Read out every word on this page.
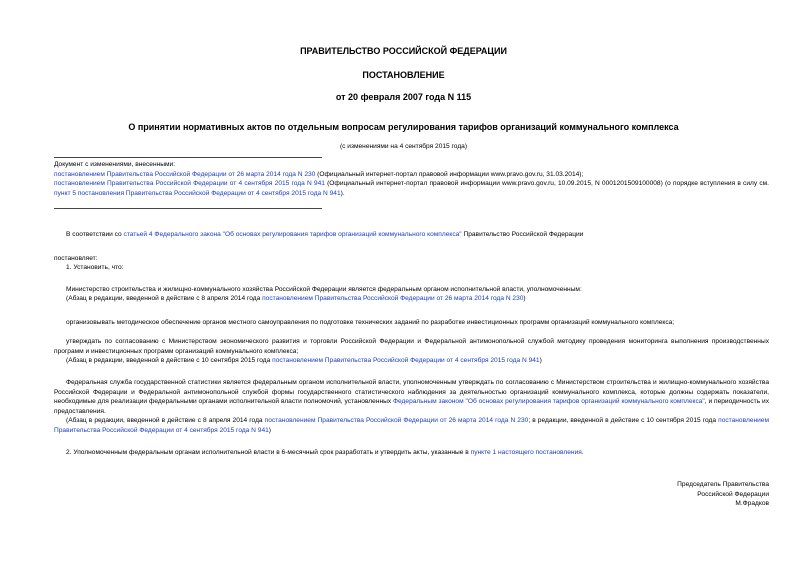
ПРАВИТЕЛЬСТВО РОССИЙСКОЙ ФЕДЕРАЦИИ
ПОСТАНОВЛЕНИЕ
от 20 февраля 2007 года N 115
О принятии нормативных актов по отдельным вопросам регулирования тарифов организаций коммунального комплекса
(с изменениями на 4 сентября 2015 года)
Документ с изменениями, внесенными:
постановлением Правительства Российской Федерации от 26 марта 2014 года N 230 (Официальный интернет-портал правовой информации www.pravo.gov.ru, 31.03.2014);
постановлением Правительства Российской Федерации от 4 сентября 2015 года N 941 (Официальный интернет-портал правовой информации www.pravo.gov.ru, 10.09.2015, N 0001201509100008) (о порядке вступления в силу см. пункт 5 постановления Правительства Российской Федерации от 4 сентября 2015 года N 941).
В соответствии со статьей 4 Федерального закона "Об основах регулирования тарифов организаций коммунального комплекса" Правительство Российской Федерации
постановляет:
1. Установить, что:
Министерство строительства и жилищно-коммунального хозяйства Российской Федерации является федеральным органом исполнительной власти, уполномоченным:
(Абзац в редакции, введенной в действие с 8 апреля 2014 года постановлением Правительства Российской Федерации от 26 марта 2014 года N 230)
организовывать методическое обеспечение органов местного самоуправления по подготовке технических заданий по разработке инвестиционных программ организаций коммунального комплекса;
утверждать по согласованию с Министерством экономического развития и торговли Российской Федерации и Федеральной антимонопольной службой методику проведения мониторинга выполнения производственных программ и инвестиционных программ организаций коммунального комплекса;
(Абзац в редакции, введенной в действие с 10 сентября 2015 года постановлением Правительства Российской Федерации от 4 сентября 2015 года N 941)
Федеральная служба государственной статистики является федеральным органом исполнительной власти, уполномоченным утверждать по согласованию с Министерством строительства и жилищно-коммунального хозяйства Российской Федерации и Федеральной антимонопольной службой формы государственного статистического наблюдения за деятельностью организаций коммунального комплекса, которые должны содержать показатели, необходимые для реализации федеральными органами исполнительной власти полномочий, установленных Федеральным законом "Об основах регулирования тарифов организаций коммунального комплекса", и периодичность их предоставления.
(Абзац в редакции, введенной в действие с 8 апреля 2014 года постановлением Правительства Российской Федерации от 26 марта 2014 года N 230; в редакции, введенной в действие с 10 сентября 2015 года постановлением Правительства Российской Федерации от 4 сентября 2015 года N 941)
2. Уполномоченным федеральным органам исполнительной власти в 6-месячный срок разработать и утвердить акты, указанные в пункте 1 настоящего постановления.
Председатель Правительства
Российской Федерации
М.Фрадков
